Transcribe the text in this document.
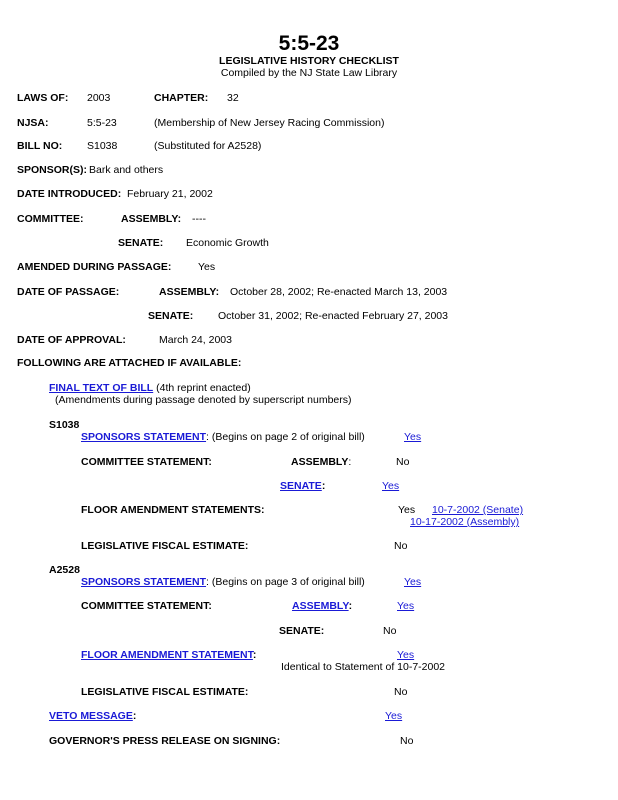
5:5-23
LEGISLATIVE HISTORY CHECKLIST
Compiled by the NJ State Law Library
LAWS OF: 2003	CHAPTER: 32
NJSA:	5:5-23	(Membership of New Jersey Racing Commission)
BILL NO: S1038	(Substituted for A2528)
SPONSOR(S): Bark and others
DATE INTRODUCED: February 21, 2002
COMMITTEE:	ASSEMBLY: ----
SENATE: Economic Growth
AMENDED DURING PASSAGE:	Yes
DATE OF PASSAGE:	ASSEMBLY: October 28, 2002; Re-enacted March 13, 2003
SENATE: October 31, 2002; Re-enacted February 27, 2003
DATE OF APPROVAL:	March 24, 2003
FOLLOWING ARE ATTACHED IF AVAILABLE:
FINAL TEXT OF BILL (4th reprint enacted)
(Amendments during passage denoted by superscript numbers)
S1038
SPONSORS STATEMENT: (Begins on page 2 of original bill)	Yes
COMMITTEE STATEMENT:	ASSEMBLY:	No
SENATE:	Yes
FLOOR AMENDMENT STATEMENTS:	Yes 10-7-2002 (Senate)
10-17-2002 (Assembly)
LEGISLATIVE FISCAL ESTIMATE:	No
A2528
SPONSORS STATEMENT: (Begins on page 3 of original bill)	Yes
COMMITTEE STATEMENT:	ASSEMBLY:	Yes
SENATE:	No
FLOOR AMENDMENT STATEMENT:	Yes
Identical to Statement of 10-7-2002
LEGISLATIVE FISCAL ESTIMATE:	No
VETO MESSAGE:	Yes
GOVERNOR'S PRESS RELEASE ON SIGNING:	No
